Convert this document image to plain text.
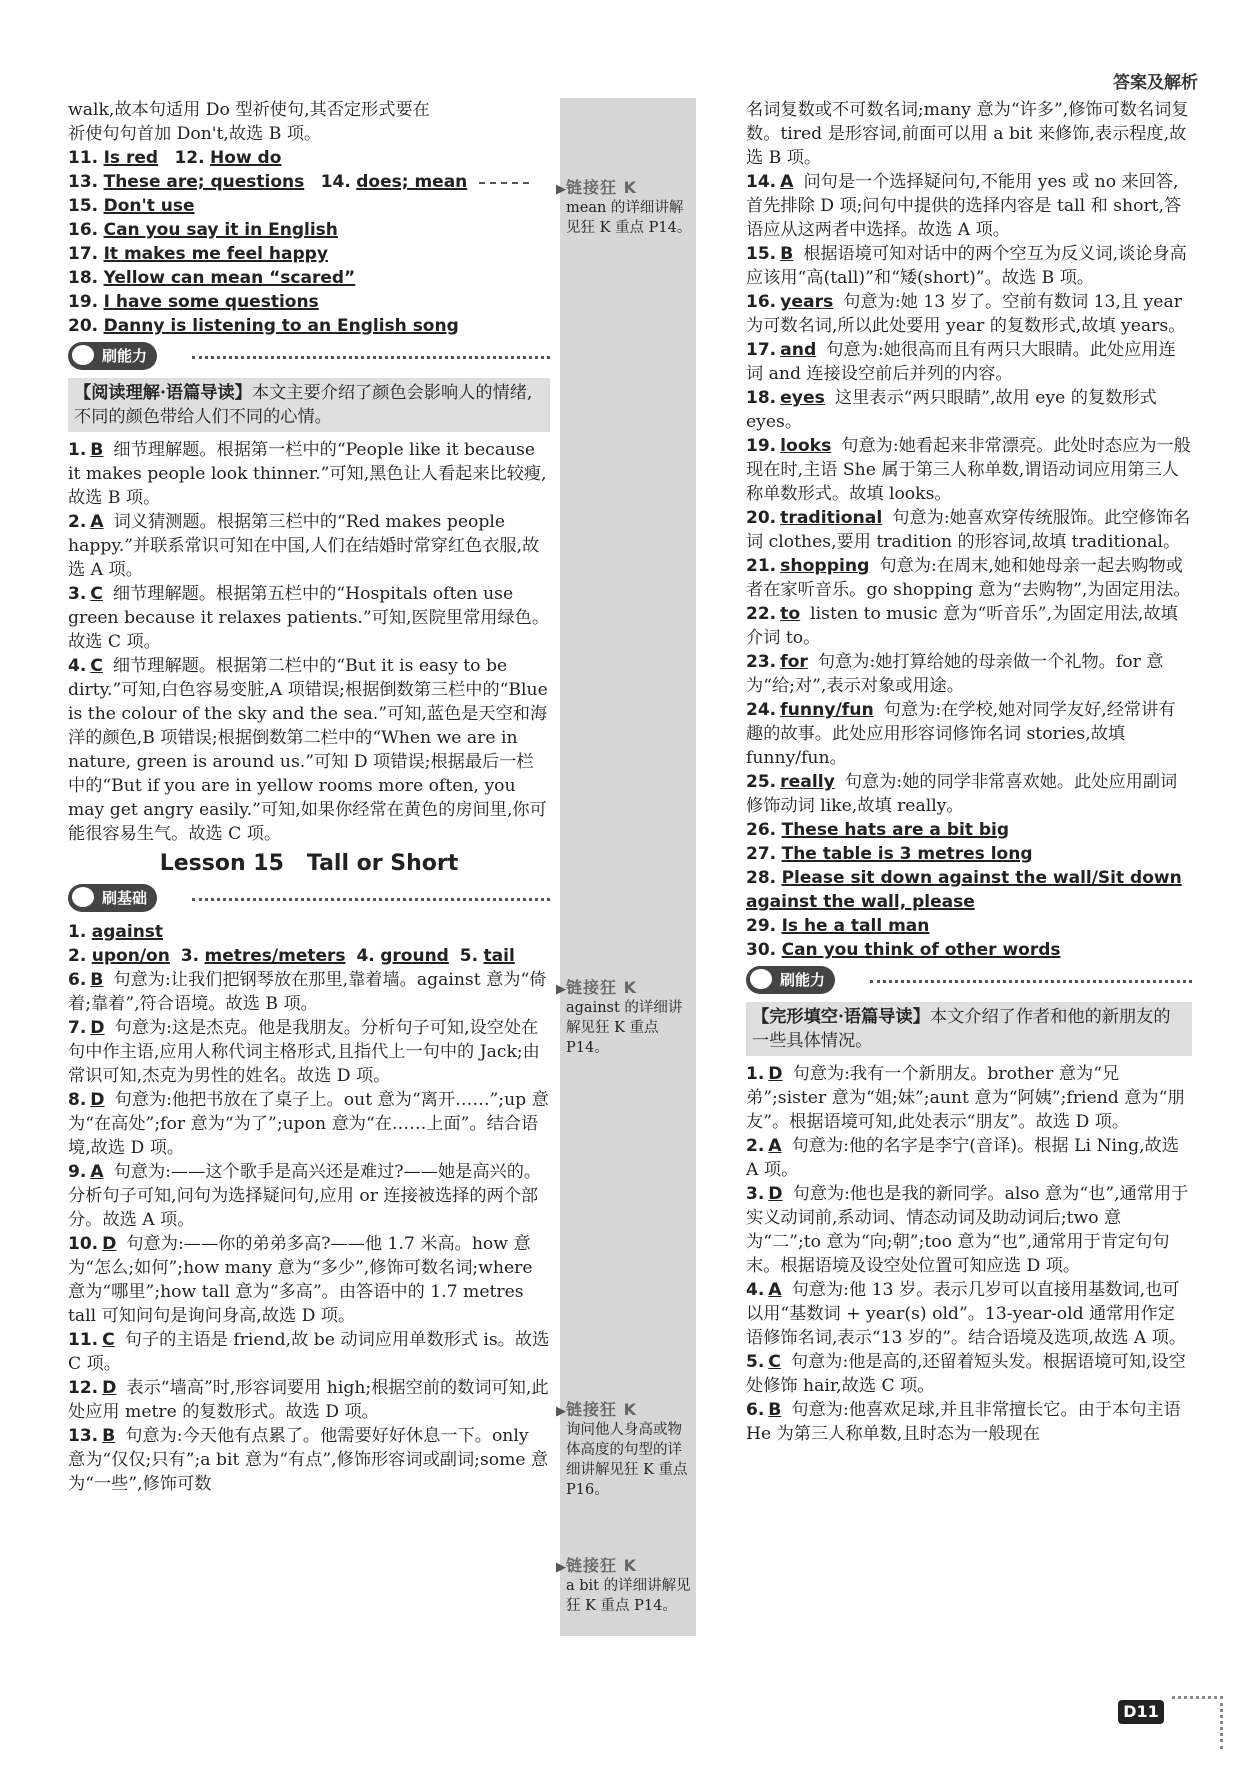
答案及解析
▶ 链接狂 K
mean 的详细讲解见狂 K 重点 P14。
▶ 链接狂 K
against 的详细讲解见狂 K 重点 P14。
▶ 链接狂 K
询问他人身高或物体高度的句型的详细讲解见狂 K 重点 P16。
▶ 链接狂 K
a bit 的详细讲解见狂 K 重点 P14。
walk,故本句适用 Do 型祈使句,其否定形式要在
祈使句句首加 Don't,故选 B 项。
11. Is red 12. How do
13. These are; questions 14. does; mean
15. Don't use
16. Can you say it in English
17. It makes me feel happy
18. Yellow can mean “scared”
19. I have some questions
20. Danny is listening to an English song
刷能力
【阅读理解·语篇导读】本文主要介绍了颜色会影响人的情绪,不同的颜色带给人们不同的心情。
1. B 细节理解题。根据第一栏中的“People like it because it makes people look thinner.”可知,黑色让人看起来比较瘦,故选 B 项。
2. A 词义猜测题。根据第三栏中的“Red makes people happy.”并联系常识可知在中国,人们在结婚时常穿红色衣服,故选 A 项。
3. C 细节理解题。根据第五栏中的“Hospitals often use green because it relaxes patients.”可知,医院里常用绿色。故选 C 项。
4. C 细节理解题。根据第二栏中的“But it is easy to be dirty.”可知,白色容易变脏,A 项错误;根据倒数第三栏中的“Blue is the colour of the sky and the sea.”可知,蓝色是天空和海洋的颜色,B 项错误;根据倒数第二栏中的“When we are in nature, green is around us.”可知 D 项错误;根据最后一栏中的“But if you are in yellow rooms more often, you may get angry easily.”可知,如果你经常在黄色的房间里,你可能很容易生气。故选 C 项。
Lesson 15   Tall or Short
刷基础
1. against
2. upon/on 3. metres/meters 4. ground 5. tail
6. B 句意为:让我们把钢琴放在那里,靠着墙。against 意为“倚着;靠着”,符合语境。故选 B 项。
7. D 句意为:这是杰克。他是我朋友。分析句子可知,设空处在句中作主语,应用人称代词主格形式,且指代上一句中的 Jack;由常识可知,杰克为男性的姓名。故选 D 项。
8. D 句意为:他把书放在了桌子上。out 意为“离开……”;up 意为“在高处”;for 意为“为了”;upon 意为“在……上面”。结合语境,故选 D 项。
9. A 句意为:——这个歌手是高兴还是难过?——她是高兴的。分析句子可知,问句为选择疑问句,应用 or 连接被选择的两个部分。故选 A 项。
10. D 句意为:——你的弟弟多高?——他 1.7 米高。how 意为“怎么;如何”;how many 意为“多少”,修饰可数名词;where 意为“哪里”;how tall 意为“多高”。由答语中的 1.7 metres tall 可知问句是询问身高,故选 D 项。
11. C 句子的主语是 friend,故 be 动词应用单数形式 is。故选 C 项。
12. D 表示“墙高”时,形容词要用 high;根据空前的数词可知,此处应用 metre 的复数形式。故选 D 项。
13. B 句意为:今天他有点累了。他需要好好休息一下。only 意为“仅仅;只有”;a bit 意为“有点”,修饰形容词或副词;some 意为“一些”,修饰可数
名词复数或不可数名词;many 意为“许多”,修饰可数名词复数。tired 是形容词,前面可以用 a bit 来修饰,表示程度,故选 B 项。
14. A 问句是一个选择疑问句,不能用 yes 或 no 来回答,首先排除 D 项;问句中提供的选择内容是 tall 和 short,答语应从这两者中选择。故选 A 项。
15. B 根据语境可知对话中的两个空互为反义词,谈论身高应该用“高(tall)”和“矮(short)”。故选 B 项。
16. years 句意为:她 13 岁了。空前有数词 13,且 year 为可数名词,所以此处要用 year 的复数形式,故填 years。
17. and 句意为:她很高而且有两只大眼睛。此处应用连词 and 连接设空前后并列的内容。
18. eyes 这里表示“两只眼睛”,故用 eye 的复数形式 eyes。
19. looks 句意为:她看起来非常漂亮。此处时态应为一般现在时,主语 She 属于第三人称单数,谓语动词应用第三人称单数形式。故填 looks。
20. traditional 句意为:她喜欢穿传统服饰。此空修饰名词 clothes,要用 tradition 的形容词,故填 traditional。
21. shopping 句意为:在周末,她和她母亲一起去购物或者在家听音乐。go shopping 意为“去购物”,为固定用法。
22. to listen to music 意为“听音乐”,为固定用法,故填介词 to。
23. for 句意为:她打算给她的母亲做一个礼物。for 意为“给;对”,表示对象或用途。
24. funny/fun 句意为:在学校,她对同学友好,经常讲有趣的故事。此处应用形容词修饰名词 stories,故填 funny/fun。
25. really 句意为:她的同学非常喜欢她。此处应用副词修饰动词 like,故填 really。
26. These hats are a bit big
27. The table is 3 metres long
28. Please sit down against the wall/Sit down against the wall, please
29. Is he a tall man
30. Can you think of other words
刷能力
【完形填空·语篇导读】本文介绍了作者和他的新朋友的一些具体情况。
1. D 句意为:我有一个新朋友。brother 意为“兄弟”;sister 意为“姐;妹”;aunt 意为“阿姨”;friend 意为“朋友”。根据语境可知,此处表示“朋友”。故选 D 项。
2. A 句意为:他的名字是李宁(音译)。根据 Li Ning,故选 A 项。
3. D 句意为:他也是我的新同学。also 意为“也”,通常用于实义动词前,系动词、情态动词及助动词后;two 意为“二”;to 意为“向;朝”;too 意为“也”,通常用于肯定句句末。根据语境及设空处位置可知应选 D 项。
4. A 句意为:他 13 岁。表示几岁可以直接用基数词,也可以用“基数词 + year(s) old”。13-year-old 通常用作定语修饰名词,表示“13 岁的”。结合语境及选项,故选 A 项。
5. C 句意为:他是高的,还留着短头发。根据语境可知,设空处修饰 hair,故选 C 项。
6. B 句意为:他喜欢足球,并且非常擅长它。由于本句主语 He 为第三人称单数,且时态为一般现在
D11
